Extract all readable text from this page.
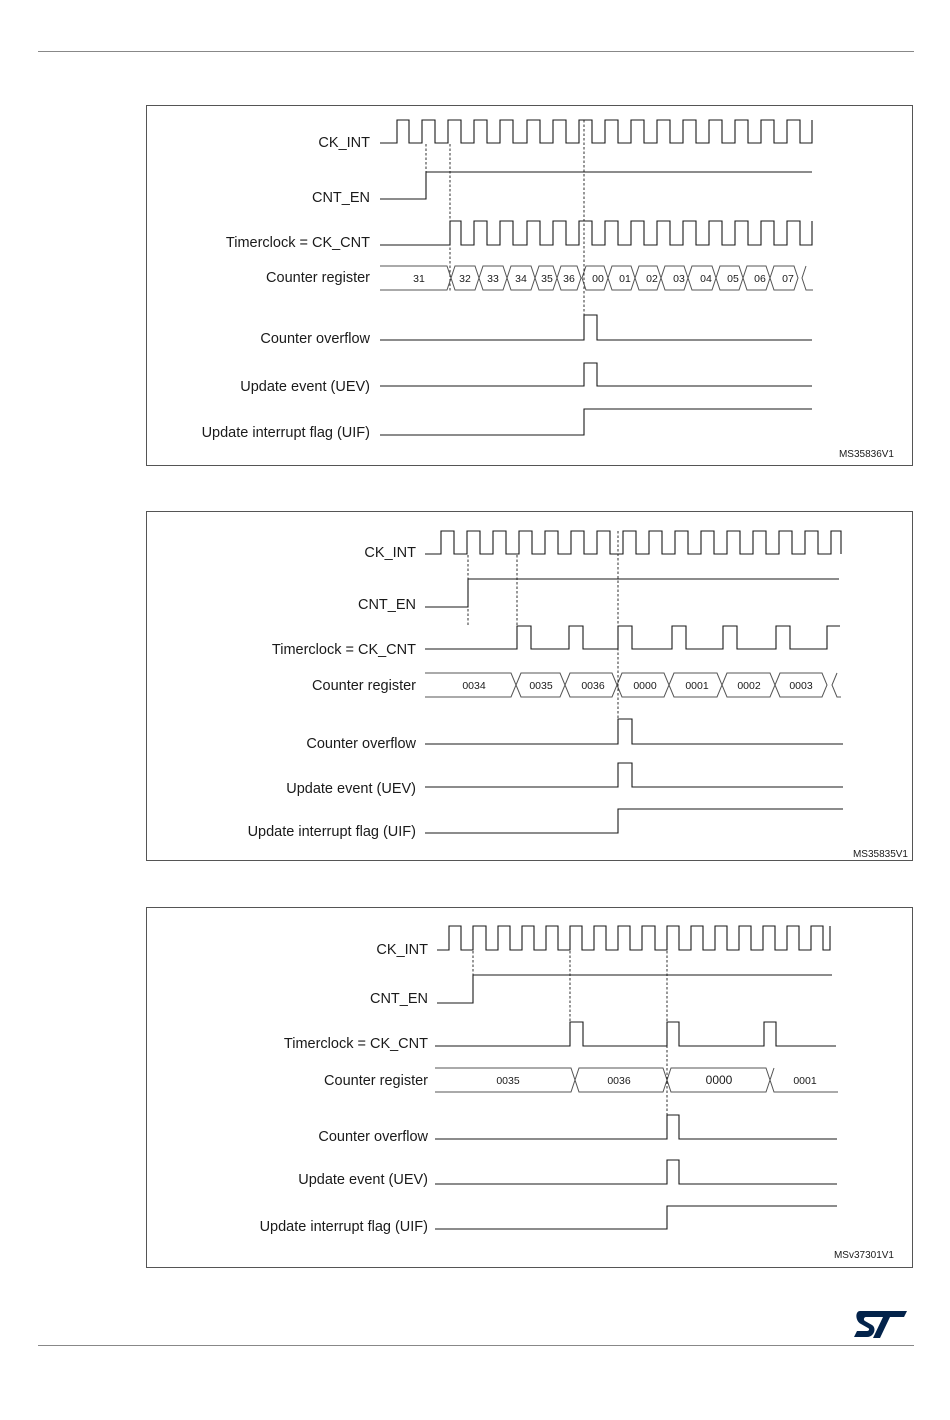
CK_INT
CNT_EN
Timerclock = CK_CNT
Counter register
Counter overflow
Update event (UEV)
Update interrupt flag (UIF)
31	32 33 34 35 36 00 01 02 03 04 05 06 07
MS35836V1
CK_INT
CNT_EN
Timerclock = CK_CNT
Counter register
Counter overflow
Update event (UEV)
Update interrupt flag (UIF)
0034	0035	0036	0000	0001	0002	0003
MS35835V1
CK_INT
CNT_EN
Timerclock = CK_CNT
Counter register
Counter overflow
Update event (UEV)
Update interrupt flag (UIF)
0035	0036	0000	0001
MSv37301V1
